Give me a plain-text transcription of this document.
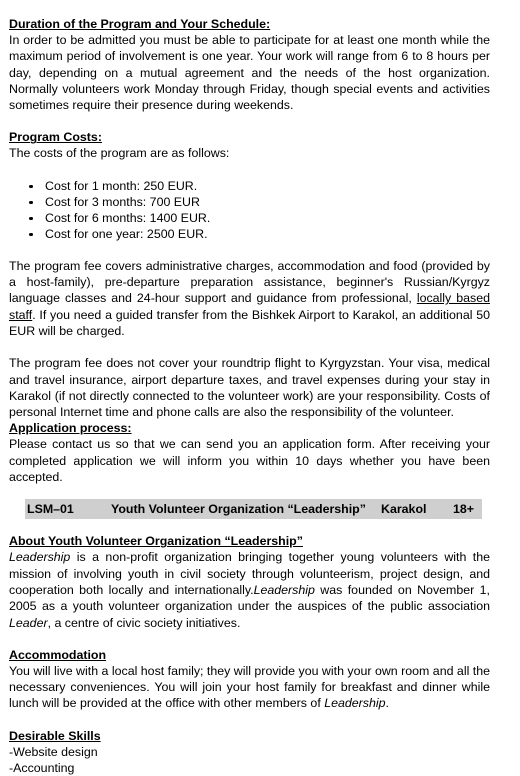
Duration of the Program and Your Schedule:

In order to be admitted you must be able to participate for at least one month while the maximum period of involvement is one year. Your work will range from 6 to 8 hours per day, depending on a mutual agreement and the needs of the host organization. Normally volunteers work Monday through Friday, though special events and activities sometimes require their presence during weekends.

Program Costs:

The costs of the program are as follows:

Cost for 1 month: 250 EUR.
Cost for 3 months: 700 EUR
Cost for 6 months: 1400 EUR.
Cost for one year: 2500 EUR.

The program fee covers administrative charges, accommodation and food (provided by a host-family), pre-departure preparation assistance, beginner's Russian/Kyrgyz language classes and 24-hour support and guidance from professional, locally based staff. If you need a guided transfer from the Bishkek Airport to Karakol, an additional 50 EUR will be charged.

The program fee does not cover your roundtrip flight to Kyrgyzstan. Your visa, medical and travel insurance, airport departure taxes, and travel expenses during your stay in Karakol (if not directly connected to the volunteer work) are your responsibility. Costs of personal Internet time and phone calls are also the responsibility of the volunteer.

Application process:

Please contact us so that we can send you an application form. After receiving your completed application we will inform you within 10 days whether you have been accepted.

LSM–01	Youth Volunteer Organization “Leadership” Karakol 18+

About Youth Volunteer Organization “Leadership”

Leadership is a non-profit organization bringing together young volunteers with the mission of involving youth in civil society through volunteerism, project design, and cooperation both locally and internationally.Leadership was founded on November 1, 2005 as a youth volunteer organization under the auspices of the public association Leader, a centre of civic society initiatives.

Accommodation

You will live with a local host family; they will provide you with your own room and all the necessary conveniences. You will join your host family for breakfast and dinner while lunch will be provided at the office with other members of Leadership.

Desirable Skills

-Website design

-Accounting
